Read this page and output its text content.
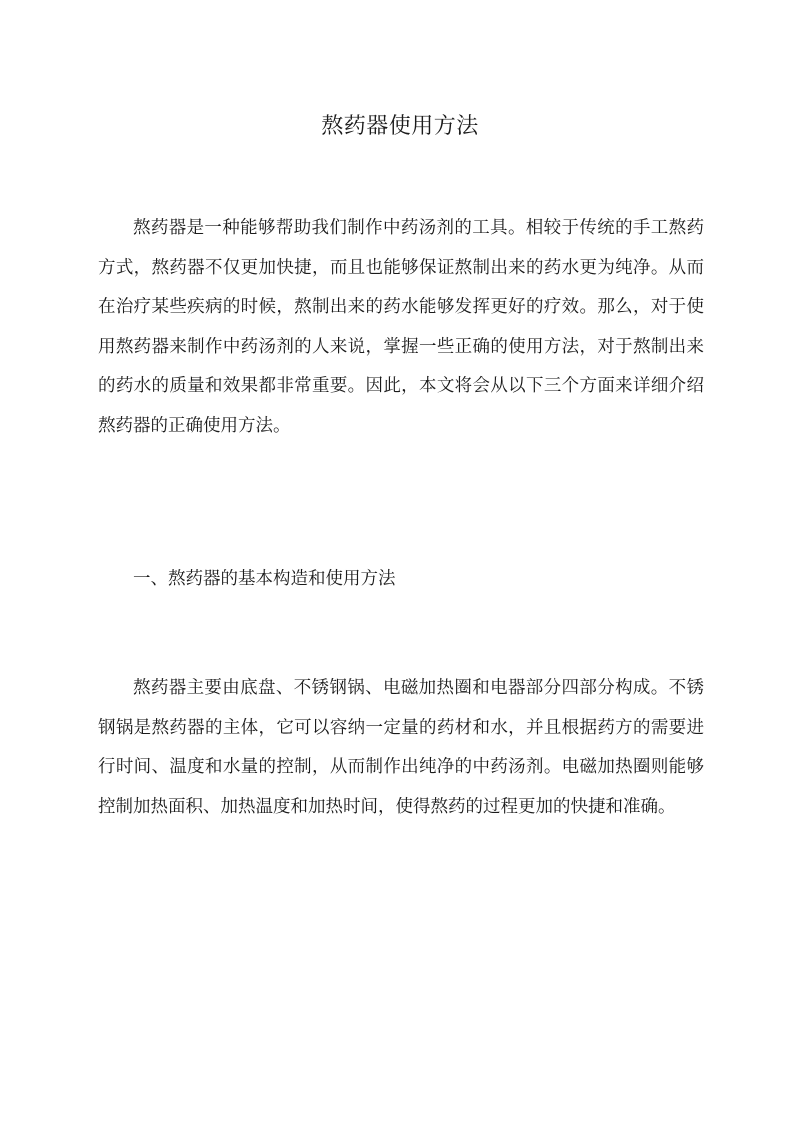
熬药器使用方法

熬药器是一种能够帮助我们制作中药汤剂的工具。相较于传统的手工熬药方式，熬药器不仅更加快捷，而且也能够保证熬制出来的药水更为纯净。从而在治疗某些疾病的时候，熬制出来的药水能够发挥更好的疗效。那么，对于使用熬药器来制作中药汤剂的人来说，掌握一些正确的使用方法，对于熬制出来的药水的质量和效果都非常重要。因此，本文将会从以下三个方面来详细介绍熬药器的正确使用方法。

一、熬药器的基本构造和使用方法

熬药器主要由底盘、不锈钢锅、电磁加热圈和电器部分四部分构成。不锈钢锅是熬药器的主体，它可以容纳一定量的药材和水，并且根据药方的需要进行时间、温度和水量的控制，从而制作出纯净的中药汤剂。电磁加热圈则能够控制加热面积、加热温度和加热时间，使得熬药的过程更加的快捷和准确。
